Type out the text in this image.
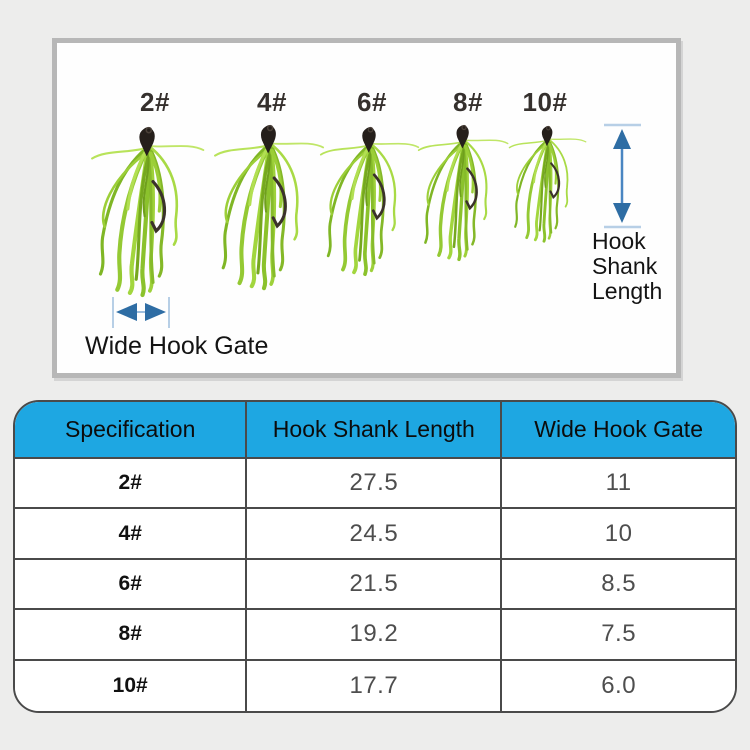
2#	4#	6#	8# 10#
Hook Shank Length
Wide Hook Gate
Specification	Hook Shank Length	Wide Hook Gate
2#	27.5	11
4#	24.5	10
6#	21.5	8.5
8#	19.2	7.5
10#	17.7	6.0
